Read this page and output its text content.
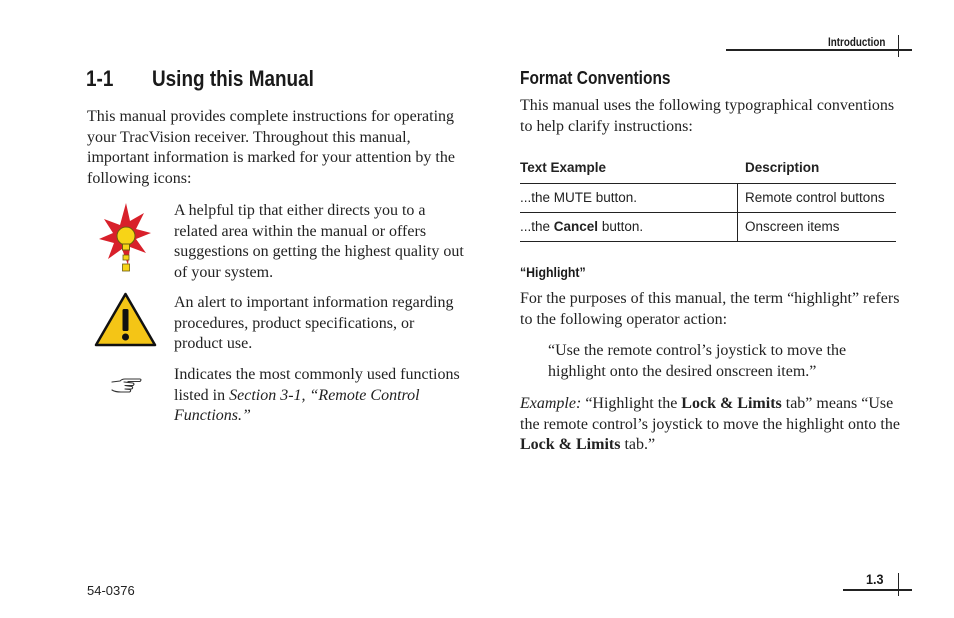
Introduction
1-1 Using this Manual
This manual provides complete instructions for operating your TracVision receiver. Throughout this manual, important information is marked for your attention by the following icons:
A helpful tip that either directs you to a related area within the manual or offers suggestions on getting the highest quality out of your system.
An alert to important information regarding procedures, product specifications, or product use.
Indicates the most commonly used functions listed in Section 3-1, “Remote Control Functions.”
Format Conventions
This manual uses the following typographical conventions to help clarify instructions:
Text Example	Description
...the MUTE button.	Remote control buttons
...the Cancel button.	Onscreen items
“Highlight”
For the purposes of this manual, the term “highlight” refers to the following operator action:
“Use the remote control’s joystick to move the highlight onto the desired onscreen item.”
Example: “Highlight the Lock & Limits tab” means “Use the remote control’s joystick to move the highlight onto the Lock & Limits tab.”
1.3
54-0376
